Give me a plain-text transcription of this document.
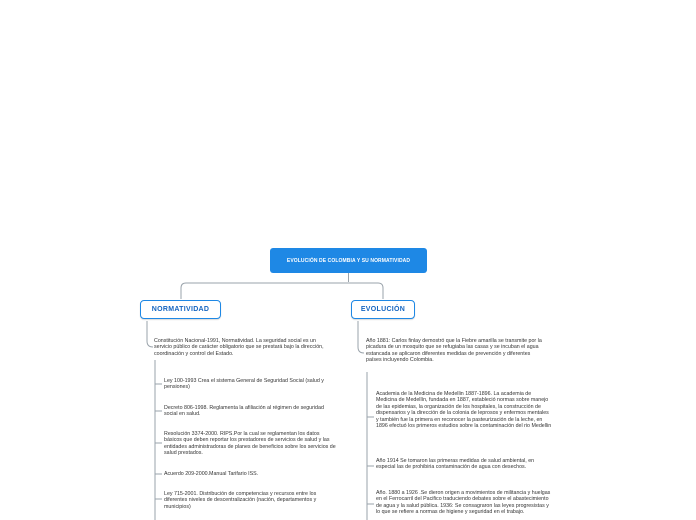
EVOLUCIÓN DE COLOMBIA Y SU NORMATIVIDAD
NORMATIVIDAD	EVOLUCIÓN
Constitución Nacional-1991, Normatividad. La seguridad social es un servicio público de carácter obligatorio que se prestará bajo la dirección, coordinación y control del Estado.
Ley 100-1993 Crea el sistema General de Seguridad Social (salud y pensiones)
Decreto 806-1998. Reglamenta la afiliación al régimen de seguridad social en salud.
Resolución 3374-2000. RIPS.Por la cual se reglamentan los datos básicos que deben reportar los prestadores de servicios de salud y las entidades administradoras de planes de beneficios sobre los servicios de salud prestados.
Acuerdo 209-2000.Manual Tarifario ISS.
Ley 715-2001. Distribución de competencias y recursos entre los diferentes niveles de descentralización (nación, departamentos y municipios)
Año 1881: Carlos finlay demostró que la Fiebre amarilla se transmite por la picadura de un mosquito que se refugiaba las casas y se incuban el agua estancada se aplicaron diferentes medidas de prevención y diferentes países incluyendo Colombia.
Academia de la Medicina de Medellin 1887-1896. La academia de Medicina de Medellín, fundada en 1887, estableció normas sobre manejo de las epidemias, la organización de los hospitales, la construcción de dispensarios y la dirección de la colonia de leprosos y enfermos mentales y también fue la primera en reconocer la pasteurización de la leche, en 1896 efectuó los primeros estudios sobre la contaminación del rio Medellin
Año 1914 Se tomaron las primeras medidas de salud ambiental, en especial las de prohibiria contaminación de agua con desechos.
Año. 1880 a 1926 .Se dieron origen a movimientos de militancia y huelgas en el Ferrocarril del Pacifico traduciendo debates sobre el abastecimiento de agua y la salud pública. 1936: Se consagraron las leyes progresistas y lo que se refiere a normas de higiene y seguridad en el trabajo.
